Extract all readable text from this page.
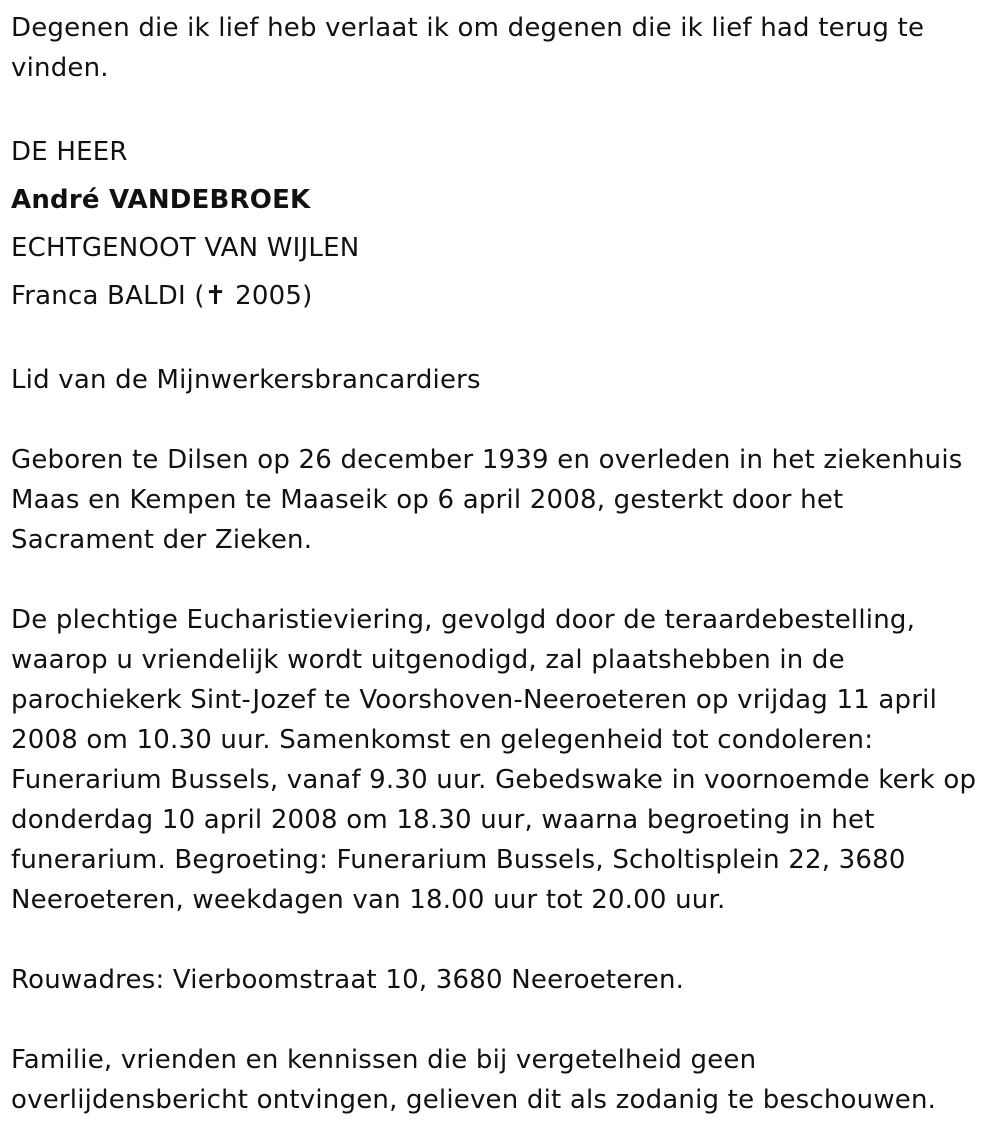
Degenen die ik lief heb verlaat ik om degenen die ik lief had terug te
vinden.
DE HEER
André VANDEBROEK
ECHTGENOOT VAN WIJLEN
Franca BALDI (✝ 2005)
Lid van de Mijnwerkersbrancardiers
Geboren te Dilsen op 26 december 1939 en overleden in het ziekenhuis
Maas en Kempen te Maaseik op 6 april 2008, gesterkt door het
Sacrament der Zieken.
De plechtige Eucharistieviering, gevolgd door de teraardebestelling,
waarop u vriendelijk wordt uitgenodigd, zal plaatshebben in de
parochiekerk Sint-Jozef te Voorshoven-Neeroeteren op vrijdag 11 april
2008 om 10.30 uur. Samenkomst en gelegenheid tot condoleren:
Funerarium Bussels, vanaf 9.30 uur. Gebedswake in voornoemde kerk op
donderdag 10 april 2008 om 18.30 uur, waarna begroeting in het
funerarium. Begroeting: Funerarium Bussels, Scholtisplein 22, 3680
Neeroeteren, weekdagen van 18.00 uur tot 20.00 uur.
Rouwadres: Vierboomstraat 10, 3680 Neeroeteren.
Familie, vrienden en kennissen die bij vergetelheid geen
overlijdensbericht ontvingen, gelieven dit als zodanig te beschouwen.
